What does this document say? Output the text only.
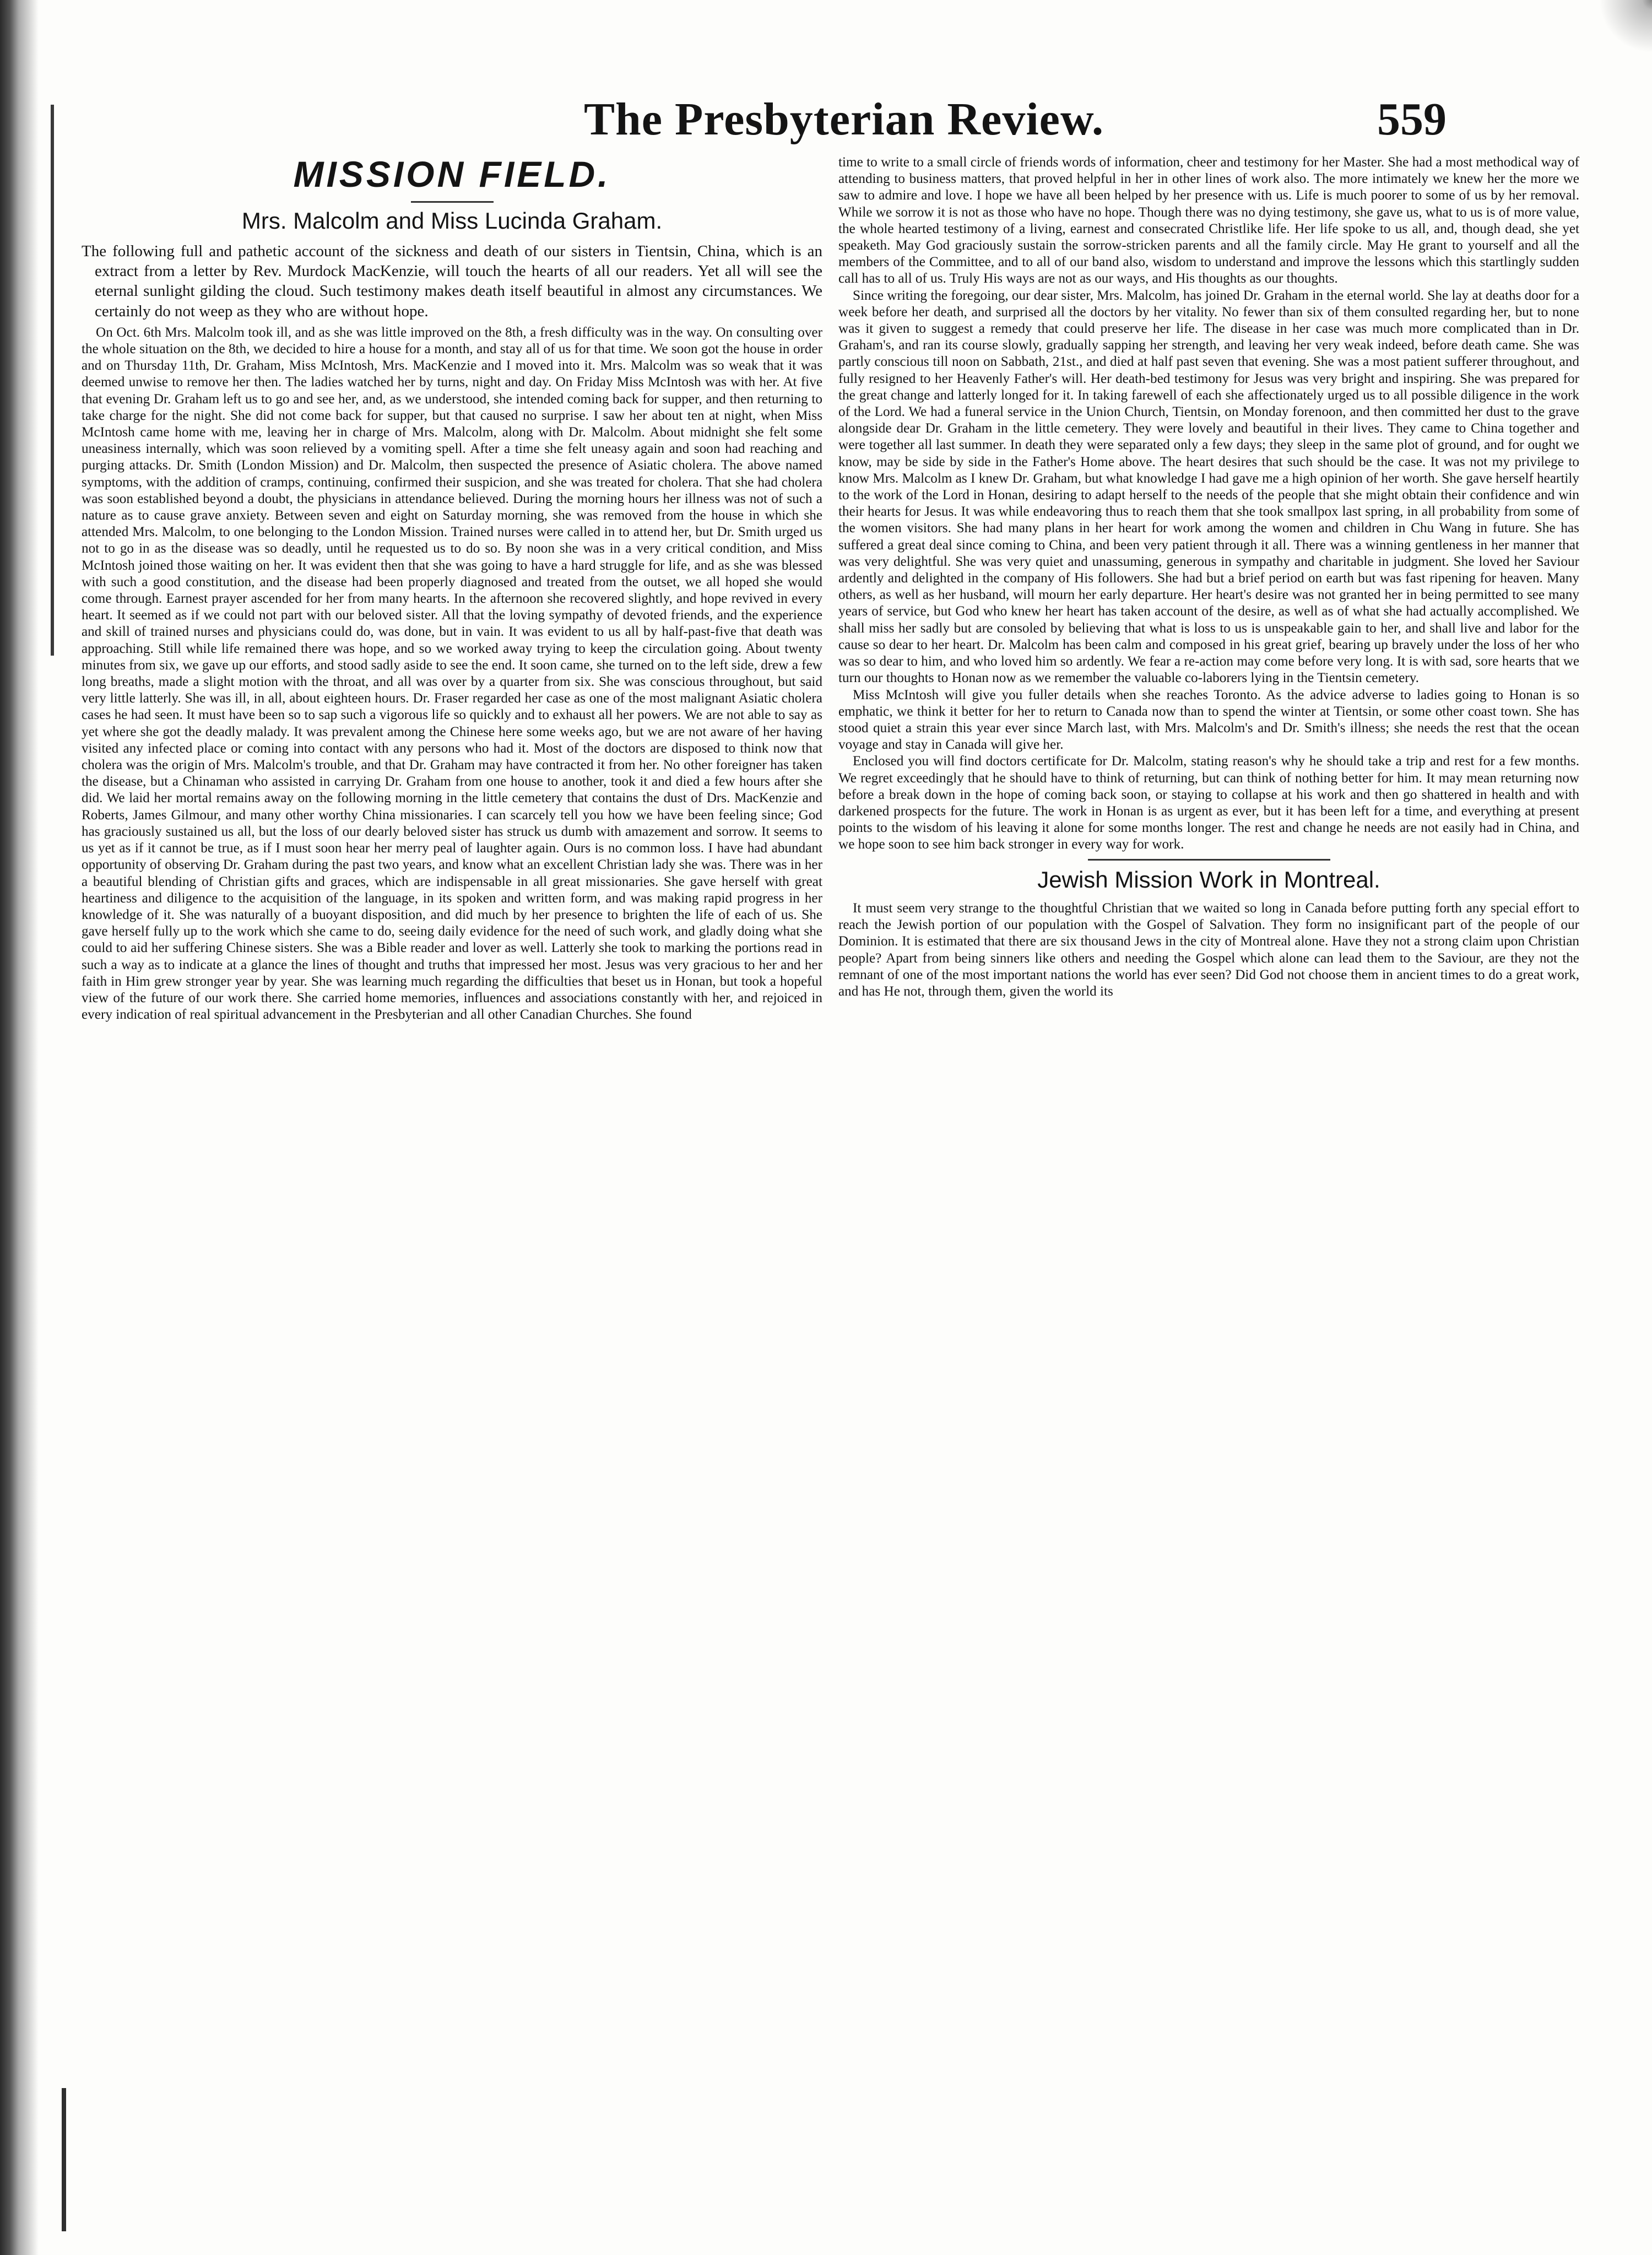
The Presbyterian Review.	559
MISSION FIELD.
Mrs. Malcolm and Miss Lucinda Graham.

The following full and pathetic account of the sickness and death of our sisters in Tientsin, China, which is an extract from a letter by Rev. Murdock MacKenzie, will touch the hearts of all our readers. Yet all will see the eternal sunlight gilding the cloud. Such testimony makes death itself beautiful in almost any circumstances. We certainly do not weep as they who are without hope.

On Oct. 6th Mrs. Malcolm took ill, and as she was little improved on the 8th, a fresh difficulty was in the way. On consulting over the whole situation on the 8th, we decided to hire a house for a month, and stay all of us for that time. We soon got the house in order and on Thursday 11th, Dr. Graham, Miss McIntosh, Mrs. MacKenzie and I moved into it. Mrs. Malcolm was so weak that it was deemed unwise to remove her then. The ladies watched her by turns, night and day. On Friday Miss McIntosh was with her. At five that evening Dr. Graham left us to go and see her, and, as we understood, she intended coming back for supper, and then returning to take charge for the night. She did not come back for supper, but that caused no surprise. I saw her about ten at night, when Miss McIntosh came home with me, leaving her in charge of Mrs. Malcolm, along with Dr. Malcolm. About midnight she felt some uneasiness internally, which was soon relieved by a vomiting spell. After a time she felt uneasy again and soon had reaching and purging attacks. Dr. Smith (London Mission) and Dr. Malcolm, then suspected the presence of Asiatic cholera. The above named symptoms, with the addition of cramps, continuing, confirmed their suspicion, and she was treated for cholera. That she had cholera was soon established beyond a doubt, the physicians in attendance believed. During the morning hours her illness was not of such a nature as to cause grave anxiety. Between seven and eight on Saturday morning, she was removed from the house in which she attended Mrs. Malcolm, to one belonging to the London Mission. Trained nurses were called in to attend her, but Dr. Smith urged us not to go in as the disease was so deadly, until he requested us to do so. By noon she was in a very critical condition, and Miss McIntosh joined those waiting on her. It was evident then that she was going to have a hard struggle for life, and as she was blessed with such a good constitution, and the disease had been properly diagnosed and treated from the outset, we all hoped she would come through. Earnest prayer ascended for her from many hearts. In the afternoon she recovered slightly, and hope revived in every heart. It seemed as if we could not part with our beloved sister. All that the loving sympathy of devoted friends, and the experience and skill of trained nurses and physicians could do, was done, but in vain. It was evident to us all by half-past-five that death was approaching. Still while life remained there was hope, and so we worked away trying to keep the circulation going. About twenty minutes from six, we gave up our efforts, and stood sadly aside to see the end. It soon came, she turned on to the left side, drew a few long breaths, made a slight motion with the throat, and all was over by a quarter from six. She was conscious throughout, but said very little latterly. She was ill, in all, about eighteen hours. Dr. Fraser regarded her case as one of the most malignant Asiatic cholera cases he had seen. It must have been so to sap such a vigorous life so quickly and to exhaust all her powers. We are not able to say as yet where she got the deadly malady. It was prevalent among the Chinese here some weeks ago, but we are not aware of her having visited any infected place or coming into contact with any persons who had it. Most of the doctors are disposed to think now that cholera was the origin of Mrs. Malcolm's trouble, and that Dr. Graham may have contracted it from her. No other foreigner has taken the disease, but a Chinaman who assisted in carrying Dr. Graham from one house to another, took it and died a few hours after she did. We laid her mortal remains away on the following morning in the little cemetery that contains the dust of Drs. MacKenzie and Roberts, James Gilmour, and many other worthy China missionaries. I can scarcely tell you how we have been feeling since; God has graciously sustained us all, but the loss of our dearly beloved sister has struck us dumb with amazement and sorrow. It seems to us yet as if it cannot be true, as if I must soon hear her merry peal of laughter again. Ours is no common loss. I have had abundant opportunity of observing Dr. Graham during the past two years, and know what an excellent Christian lady she was. There was in her a beautiful blending of Christian gifts and graces, which are indispensable in all great missionaries. She gave herself with great heartiness and diligence to the acquisition of the language, in its spoken and written form, and was making rapid progress in her knowledge of it. She was naturally of a buoyant disposition, and did much by her presence to brighten the life of each of us. She gave herself fully up to the work which she came to do, seeing daily evidence for the need of such work, and gladly doing what she could to aid her suffering Chinese sisters. She was a Bible reader and lover as well. Latterly she took to marking the portions read in such a way as to indicate at a glance the lines of thought and truths that impressed her most. Jesus was very gracious to her and her faith in Him grew stronger year by year. She was learning much regarding the difficulties that beset us in Honan, but took a hopeful view of the future of our work there. She carried home memories, influences and associations constantly with her, and rejoiced in every indication of real spiritual advancement in the Presbyterian and all other Canadian Churches. She found

time to write to a small circle of friends words of information, cheer and testimony for her Master. She had a most methodical way of attending to business matters, that proved helpful in her in other lines of work also. The more intimately we knew her the more we saw to admire and love. I hope we have all been helped by her presence with us. Life is much poorer to some of us by her removal. While we sorrow it is not as those who have no hope. Though there was no dying testimony, she gave us, what to us is of more value, the whole hearted testimony of a living, earnest and consecrated Christlike life. Her life spoke to us all, and, though dead, she yet speaketh. May God graciously sustain the sorrow-stricken parents and all the family circle. May He grant to yourself and all the members of the Committee, and to all of our band also, wisdom to understand and improve the lessons which this startlingly sudden call has to all of us. Truly His ways are not as our ways, and His thoughts as our thoughts.

Since writing the foregoing, our dear sister, Mrs. Malcolm, has joined Dr. Graham in the eternal world. She lay at deaths door for a week before her death, and surprised all the doctors by her vitality. No fewer than six of them consulted regarding her, but to none was it given to suggest a remedy that could preserve her life. The disease in her case was much more complicated than in Dr. Graham's, and ran its course slowly, gradually sapping her strength, and leaving her very weak indeed, before death came. She was partly conscious till noon on Sabbath, 21st., and died at half past seven that evening. She was a most patient sufferer throughout, and fully resigned to her Heavenly Father's will. Her death-bed testimony for Jesus was very bright and inspiring. She was prepared for the great change and latterly longed for it. In taking farewell of each she affectionately urged us to all possible diligence in the work of the Lord. We had a funeral service in the Union Church, Tientsin, on Monday forenoon, and then committed her dust to the grave alongside dear Dr. Graham in the little cemetery. They were lovely and beautiful in their lives. They came to China together and were together all last summer. In death they were separated only a few days; they sleep in the same plot of ground, and for ought we know, may be side by side in the Father's Home above. The heart desires that such should be the case. It was not my privilege to know Mrs. Malcolm as I knew Dr. Graham, but what knowledge I had gave me a high opinion of her worth. She gave herself heartily to the work of the Lord in Honan, desiring to adapt herself to the needs of the people that she might obtain their confidence and win their hearts for Jesus. It was while endeavoring thus to reach them that she took smallpox last spring, in all probability from some of the women visitors. She had many plans in her heart for work among the women and children in Chu Wang in future. She has suffered a great deal since coming to China, and been very patient through it all. There was a winning gentleness in her manner that was very delightful. She was very quiet and unassuming, generous in sympathy and charitable in judgment. She loved her Saviour ardently and delighted in the company of His followers. She had but a brief period on earth but was fast ripening for heaven. Many others, as well as her husband, will mourn her early departure. Her heart's desire was not granted her in being permitted to see many years of service, but God who knew her heart has taken account of the desire, as well as of what she had actually accomplished. We shall miss her sadly but are consoled by believing that what is loss to us is unspeakable gain to her, and shall live and labor for the cause so dear to her heart. Dr. Malcolm has been calm and composed in his great grief, bearing up bravely under the loss of her who was so dear to him, and who loved him so ardently. We fear a re-action may come before very long. It is with sad, sore hearts that we turn our thoughts to Honan now as we remember the valuable co-laborers lying in the Tientsin cemetery.

Miss McIntosh will give you fuller details when she reaches Toronto. As the advice adverse to ladies going to Honan is so emphatic, we think it better for her to return to Canada now than to spend the winter at Tientsin, or some other coast town. She has stood quiet a strain this year ever since March last, with Mrs. Malcolm's and Dr. Smith's illness; she needs the rest that the ocean voyage and stay in Canada will give her.

Enclosed you will find doctors certificate for Dr. Malcolm, stating reason's why he should take a trip and rest for a few months. We regret exceedingly that he should have to think of returning, but can think of nothing better for him. It may mean returning now before a break down in the hope of coming back soon, or staying to collapse at his work and then go shattered in health and with darkened prospects for the future. The work in Honan is as urgent as ever, but it has been left for a time, and everything at present points to the wisdom of his leaving it alone for some months longer. The rest and change he needs are not easily had in China, and we hope soon to see him back stronger in every way for work.

Jewish Mission Work in Montreal.

It must seem very strange to the thoughtful Christian that we waited so long in Canada before putting forth any special effort to reach the Jewish portion of our population with the Gospel of Salvation. They form no insignificant part of the people of our Dominion. It is estimated that there are six thousand Jews in the city of Montreal alone. Have they not a strong claim upon Christian people? Apart from being sinners like others and needing the Gospel which alone can lead them to the Saviour, are they not the remnant of one of the most important nations the world has ever seen? Did God not choose them in ancient times to do a great work, and has He not, through them, given the world its
